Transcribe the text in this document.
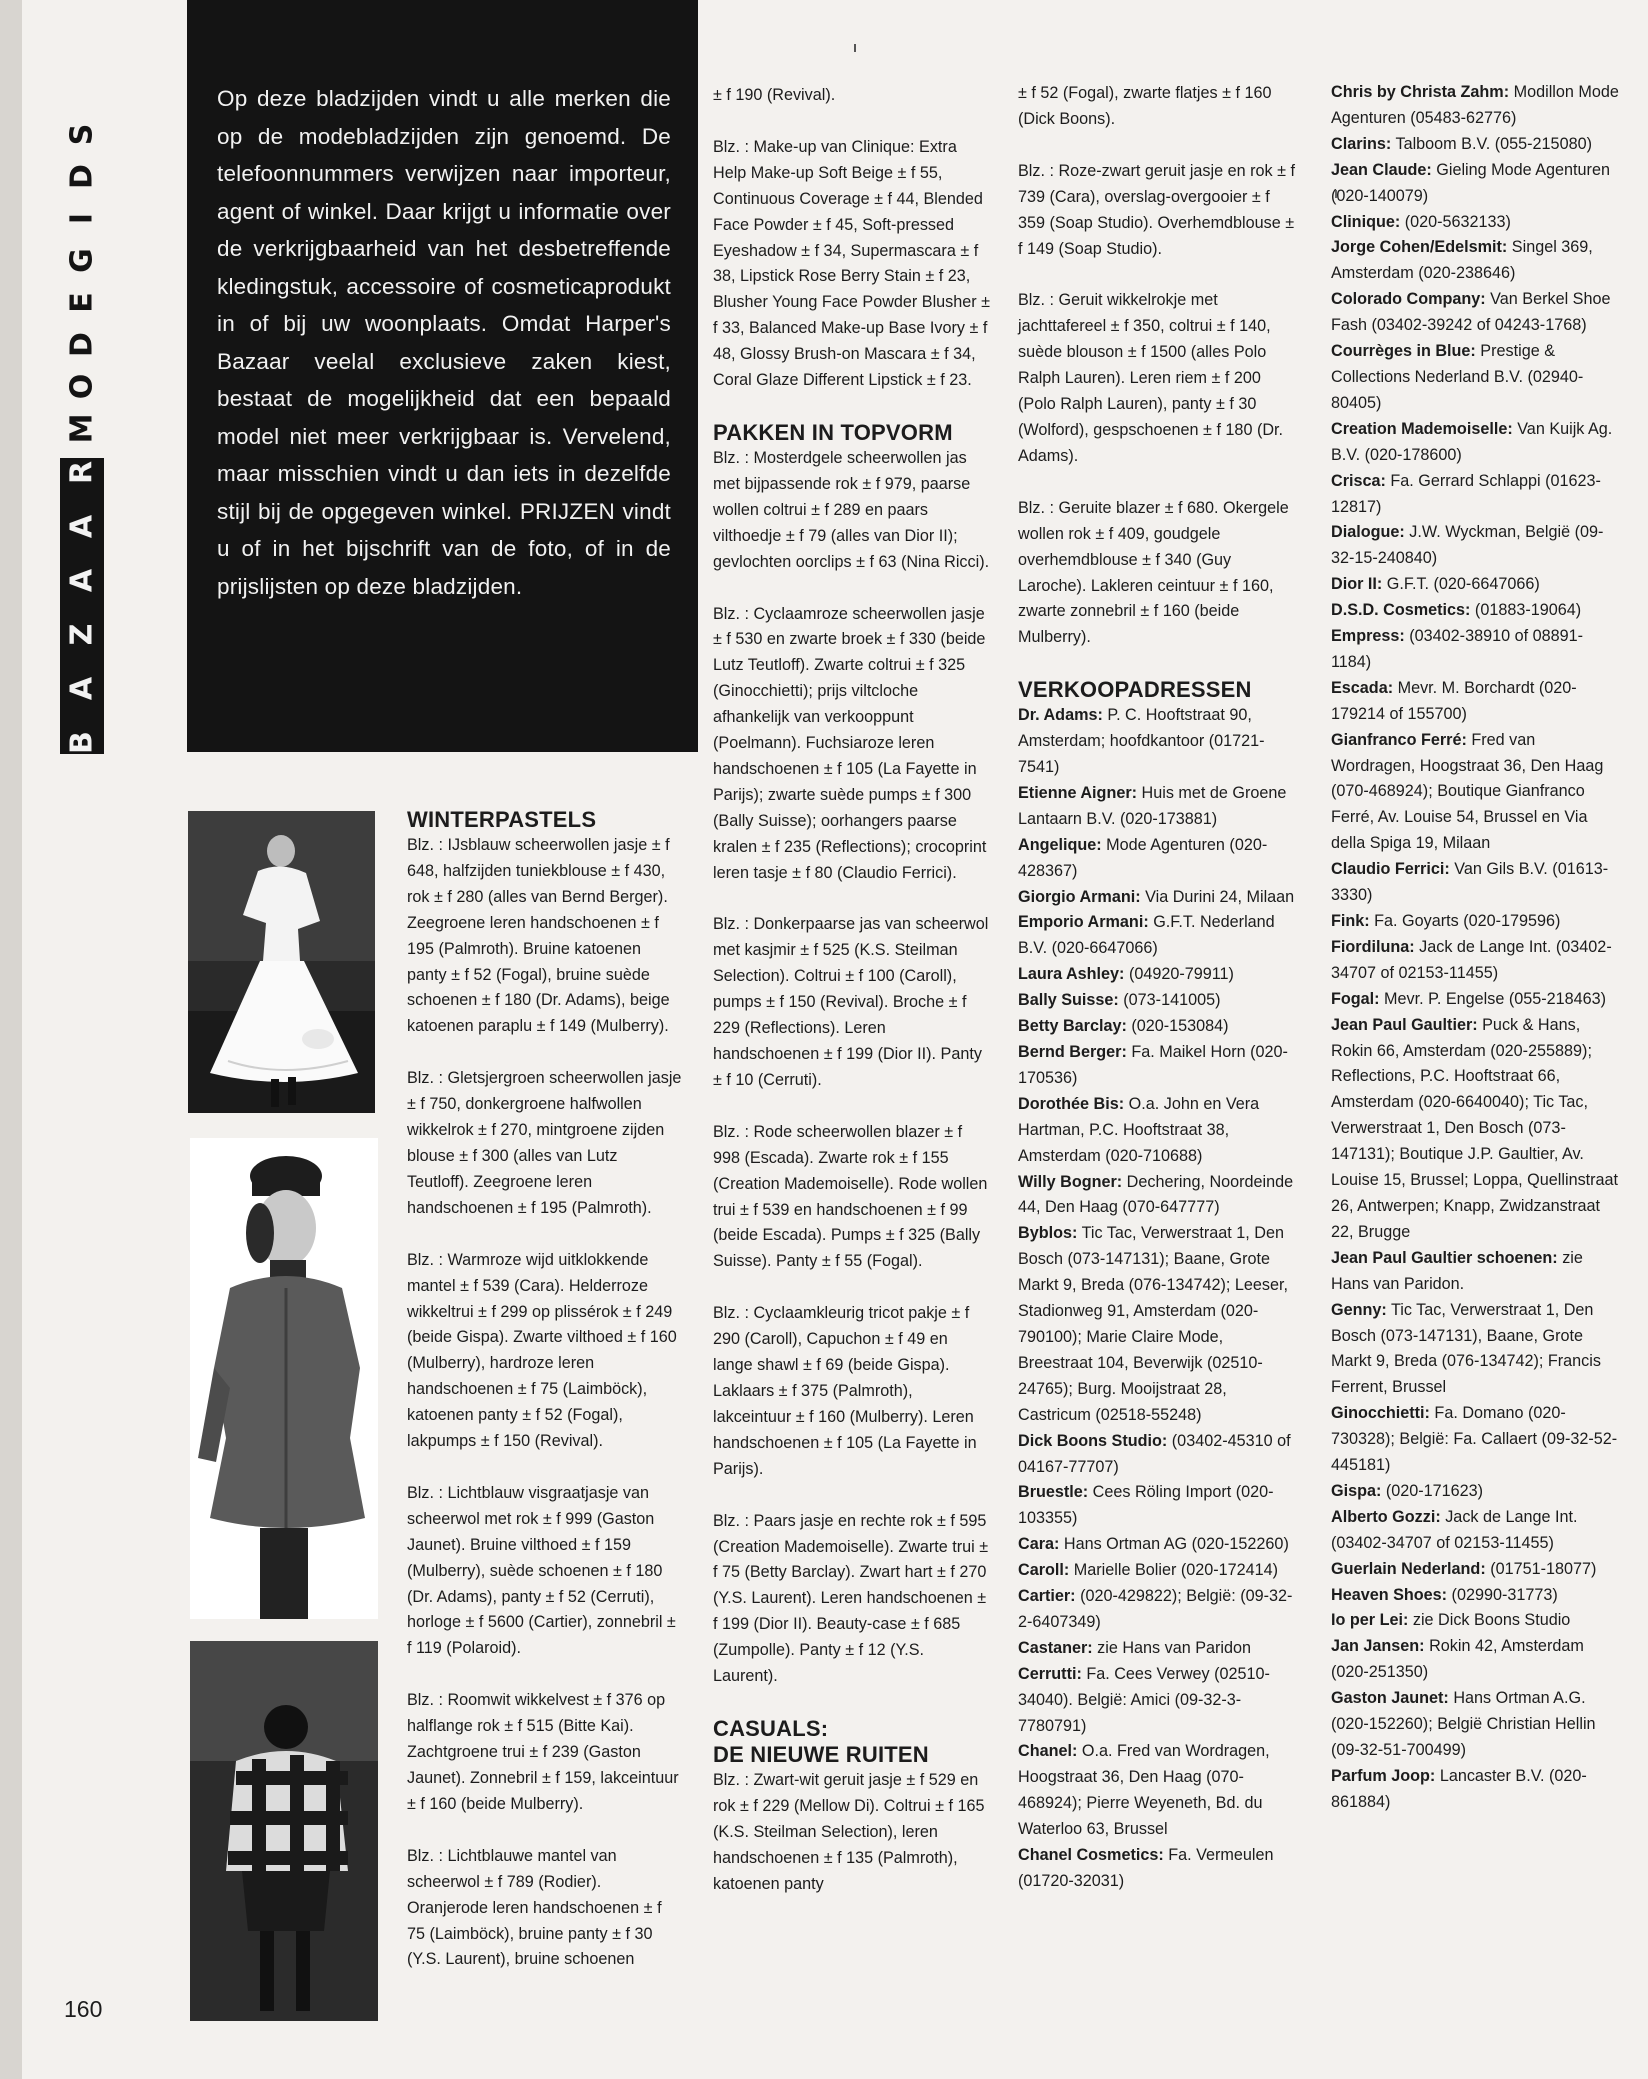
M
O
D
E
G
I
D
S
B
A
Z
A
A
R

Op deze bladzijden vindt u alle merken die op de modebladzijden zijn genoemd. De telefoonnummers verwijzen naar importeur, agent of winkel. Daar krijgt u informatie over de verkrijgbaarheid van het desbetreffende kledingstuk, accessoire of cosmeticaprodukt in of bij uw woonplaats. Omdat Harper's Bazaar veelal exclusieve zaken kiest, bestaat de mogelijkheid dat een bepaald model niet meer verkrijgbaar is. Vervelend, maar misschien vindt u dan iets in dezelfde stijl bij de opgegeven winkel. PRIJZEN vindt u of in het bijschrift van de foto, of in de prijslijsten op deze bladzijden.

WINTERPASTELS

Blz. : IJsblauw scheerwollen jasje ± f 648, halfzijden tuniekblouse ± f 430, rok ± f 280 (alles van Bernd Berger). Zeegroene leren handschoenen ± f 195 (Palmroth). Bruine katoenen panty ± f 52 (Fogal), bruine suède schoenen ± f 180 (Dr. Adams), beige katoenen paraplu ± f 149 (Mulberry).

Blz. : Gletsjergroen scheerwollen jasje ± f 750, donkergroene halfwollen wikkelrok ± f 270, mintgroene zijden blouse ± f 300 (alles van Lutz Teutloff). Zeegroene leren handschoenen ± f 195 (Palmroth).

Blz. : Warmroze wijd uitklokkende mantel ± f 539 (Cara). Helderroze wikkeltrui ± f 299 op plissérok ± f 249 (beide Gispa). Zwarte vilthoed ± f 160 (Mulberry), hardroze leren handschoenen ± f 75 (Laimböck), katoenen panty ± f 52 (Fogal), lakpumps ± f 150 (Revival).

Blz. : Lichtblauw visgraatjasje van scheerwol met rok ± f 999 (Gaston Jaunet). Bruine vilthoed ± f 159 (Mulberry), suède schoenen ± f 180 (Dr. Adams), panty ± f 52 (Cerruti), horloge ± f 5600 (Cartier), zonnebril ± f 119 (Polaroid).

Blz. : Roomwit wikkelvest ± f 376 op halflange rok ± f 515 (Bitte Kai). Zachtgroene trui ± f 239 (Gaston Jaunet). Zonnebril ± f 159, lakceintuur ± f 160 (beide Mulberry).

Blz. : Lichtblauwe mantel van scheerwol ± f 789 (Rodier). Oranjerode leren handschoenen ± f 75 (Laimböck), bruine panty ± f 30 (Y.S. Laurent), bruine schoenen

± f 190 (Revival).

Blz. : Make-up van Clinique: Extra Help Make-up Soft Beige ± f 55, Continuous Coverage ± f 44, Blended Face Powder ± f 45, Soft-pressed Eyeshadow ± f 34, Supermascara ± f 38, Lipstick Rose Berry Stain ± f 23, Blusher Young Face Powder Blusher ± f 33, Balanced Make-up Base Ivory ± f 48, Glossy Brush-on Mascara ± f 34, Coral Glaze Different Lipstick ± f 23.

PAKKEN IN TOPVORM

Blz. : Mosterdgele scheerwollen jas met bijpassende rok ± f 979, paarse wollen coltrui ± f 289 en paars vilthoedje ± f 79 (alles van Dior II); gevlochten oorclips ± f 63 (Nina Ricci).

Blz. : Cyclaamroze scheerwollen jasje ± f 530 en zwarte broek ± f 330 (beide Lutz Teutloff). Zwarte coltrui ± f 325 (Ginocchietti); prijs viltcloche afhankelijk van verkooppunt (Poelmann). Fuchsiaroze leren handschoenen ± f 105 (La Fayette in Parijs); zwarte suède pumps ± f 300 (Bally Suisse); oorhangers paarse kralen ± f 235 (Reflections); crocoprint leren tasje ± f 80 (Claudio Ferrici).

Blz. : Donkerpaarse jas van scheerwol met kasjmir ± f 525 (K.S. Steilman Selection). Coltrui ± f 100 (Caroll), pumps ± f 150 (Revival). Broche ± f 229 (Reflections). Leren handschoenen ± f 199 (Dior II). Panty ± f 10 (Cerruti).

Blz. : Rode scheerwollen blazer ± f 998 (Escada). Zwarte rok ± f 155 (Creation Mademoiselle). Rode wollen trui ± f 539 en handschoenen ± f 99 (beide Escada). Pumps ± f 325 (Bally Suisse). Panty ± f 55 (Fogal).

Blz. : Cyclaamkleurig tricot pakje ± f 290 (Caroll), Capuchon ± f 49 en lange shawl ± f 69 (beide Gispa). Laklaars ± f 375 (Palmroth), lakceintuur ± f 160 (Mulberry). Leren handschoenen ± f 105 (La Fayette in Parijs).

Blz. : Paars jasje en rechte rok ± f 595 (Creation Mademoiselle). Zwarte trui ± f 75 (Betty Barclay). Zwart hart ± f 270 (Y.S. Laurent). Leren handschoenen ± f 199 (Dior II). Beauty-case ± f 685 (Zumpolle). Panty ± f 12 (Y.S. Laurent).

CASUALS:
DE NIEUWE RUITEN

Blz. : Zwart-wit geruit jasje ± f 529 en rok ± f 229 (Mellow Di). Coltrui ± f 165 (K.S. Steilman Selection), leren handschoenen ± f 135 (Palmroth), katoenen panty

± f 52 (Fogal), zwarte flatjes ± f 160 (Dick Boons).

Blz. : Roze-zwart geruit jasje en rok ± f 739 (Cara), overslag-overgooier ± f 359 (Soap Studio). Overhemdblouse ± f 149 (Soap Studio).

Blz. : Geruit wikkelrokje met jachttafereel ± f 350, coltrui ± f 140, suède blouson ± f 1500 (alles Polo Ralph Lauren). Leren riem ± f 200 (Polo Ralph Lauren), panty ± f 30 (Wolford), gespschoenen ± f 180 (Dr. Adams).

Blz. : Geruite blazer ± f 680. Okergele wollen rok ± f 409, goudgele overhemdblouse ± f 340 (Guy Laroche). Lakleren ceintuur ± f 160, zwarte zonnebril ± f 160 (beide Mulberry).

VERKOOPADRESSEN

Dr. Adams: P. C. Hooftstraat 90, Amsterdam; hoofdkantoor (01721-7541)

Etienne Aigner: Huis met de Groene Lantaarn B.V. (020-173881)

Angelique: Mode Agenturen (020-428367)

Giorgio Armani: Via Durini 24, Milaan

Emporio Armani: G.F.T. Nederland B.V. (020-6647066)

Laura Ashley: (04920-79911)

Bally Suisse: (073-141005)

Betty Barclay: (020-153084)

Bernd Berger: Fa. Maikel Horn (020-170536)

Dorothée Bis: O.a. John en Vera Hartman, P.C. Hooftstraat 38, Amsterdam (020-710688)

Willy Bogner: Dechering, Noordeinde 44, Den Haag (070-647777)

Byblos: Tic Tac, Verwerstraat 1, Den Bosch (073-147131); Baane, Grote Markt 9, Breda (076-134742); Leeser, Stadionweg 91, Amsterdam (020-790100); Marie Claire Mode, Breestraat 104, Beverwijk (02510-24765); Burg. Mooijstraat 28, Castricum (02518-55248)

Dick Boons Studio: (03402-45310 of 04167-77707)

Bruestle: Cees Röling Import (020-103355)

Cara: Hans Ortman AG (020-152260)

Caroll: Marielle Bolier (020-172414)

Cartier: (020-429822); België: (09-32-2-6407349)

Castaner: zie Hans van Paridon

Cerrutti: Fa. Cees Verwey (02510-34040). België: Amici (09-32-3-7780791)

Chanel: O.a. Fred van Wordragen, Hoogstraat 36, Den Haag (070-468924); Pierre Weyeneth, Bd. du Waterloo 63, Brussel

Chanel Cosmetics: Fa. Vermeulen (01720-32031)

Chris by Christa Zahm: Modillon Mode Agenturen (05483-62776)

Clarins: Talboom B.V. (055-215080)

Jean Claude: Gieling Mode Agenturen (020-140079)

Clinique: (020-5632133)

Jorge Cohen/Edelsmit: Singel 369, Amsterdam (020-238646)

Colorado Company: Van Berkel Shoe Fash (03402-39242 of 04243-1768)

Courrèges in Blue: Prestige & Collections Nederland B.V. (02940-80405)

Creation Mademoiselle: Van Kuijk Ag. B.V. (020-178600)

Crisca: Fa. Gerrard Schlappi (01623-12817)

Dialogue: J.W. Wyckman, België (09-32-15-240840)

Dior II: G.F.T. (020-6647066)

D.S.D. Cosmetics: (01883-19064)

Empress: (03402-38910 of 08891-1184)

Escada: Mevr. M. Borchardt (020-179214 of 155700)

Gianfranco Ferré: Fred van Wordragen, Hoogstraat 36, Den Haag (070-468924); Boutique Gianfranco Ferré, Av. Louise 54, Brussel en Via della Spiga 19, Milaan

Claudio Ferrici: Van Gils B.V. (01613-3330)

Fink: Fa. Goyarts (020-179596)

Fiordiluna: Jack de Lange Int. (03402-34707 of 02153-11455)

Fogal: Mevr. P. Engelse (055-218463)

Jean Paul Gaultier: Puck & Hans, Rokin 66, Amsterdam (020-255889); Reflections, P.C. Hooftstraat 66, Amsterdam (020-6640040); Tic Tac, Verwerstraat 1, Den Bosch (073-147131); Boutique J.P. Gaultier, Av. Louise 15, Brussel; Loppa, Quellinstraat 26, Antwerpen; Knapp, Zwidzanstraat 22, Brugge

Jean Paul Gaultier schoenen: zie Hans van Paridon.

Genny: Tic Tac, Verwerstraat 1, Den Bosch (073-147131), Baane, Grote Markt 9, Breda (076-134742); Francis Ferrent, Brussel

Ginocchietti: Fa. Domano (020-730328); België: Fa. Callaert (09-32-52-445181)

Gispa: (020-171623)

Alberto Gozzi: Jack de Lange Int. (03402-34707 of 02153-11455)

Guerlain Nederland: (01751-18077)

Heaven Shoes: (02990-31773)

Io per Lei: zie Dick Boons Studio

Jan Jansen: Rokin 42, Amsterdam (020-251350)

Gaston Jaunet: Hans Ortman A.G. (020-152260); België Christian Hellin (09-32-51-700499)

Parfum Joop: Lancaster B.V. (020-861884)

160
